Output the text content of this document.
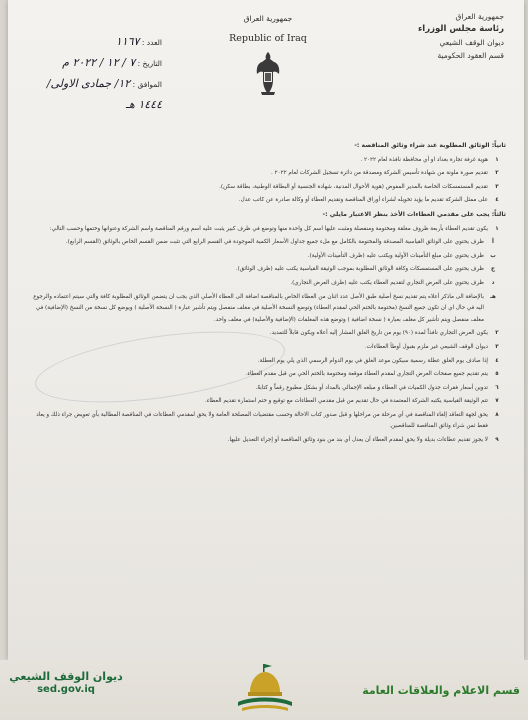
جمهورية العراق
رئاسة مجلس الوزراء
ديوان الوقف الشيعي
قسم العقود الحكومية
جمهورية العراق
Republic of Iraq
العدد : ١١٦٧
التاريخ : ٧ / ١٢ / ٢٠٢٢ م
الموافق : ١٢/ جمادى الاولى/ ١٤٤٤ هـ
ثانياً: الوثائق المطلوبة عند شراء وثائق المناقصة :-
١
هوية غرفة تجارة بغداد او أي محافظة نافذة لعام ٢٠٢٢ .
٢
تقديم صورة ملونة من شهادة تأسيس الشركة ومصدقة من دائرة تسجيل الشركات لعام ٢٠٢٢ .
٣
تقديم المستمسكات الخاصة بالمدير المفوض (هوية الأحوال المدنية، شهادة الجنسية أو البطاقة الوطنية، بطاقة سكن).
٤
على ممثل الشركة تقديم ما يؤيد تخويله لشراء أوراق المناقصة وتقديم العطاء أو وكالة صادرة عن كاتب عدل.
ثالثاً: يجب على مقدمي العطاءات الأخذ بنظر الاعتبار مايلي :-
١
يكون تقديم العطاء بأربعة ظروف مغلقة ومختومة ومنفصلة ومثبت عليها اسم كل واحدة منها وتوضع في ظرف كبير يثبت عليه اسم ورقم المناقصة واسم الشركة وعنوانها وختمها وحسب التالي:
أ
ظرف يحتوي على الوثائق القياسية المصدقة والمختومة بالكامل مع ملء جميع جداول الأسعار الكمية الموجودة في القسم الرابع التي تثبت ضمن القسم الخاص بالوثائق (القسم الرابع).
ب
ظرف يحتوي على مبلغ التأمينات الأولية ويكتب عليه (ظرف التأمينات الأولية).
ج
ظرف يحتوي على المستمسكات وكافة الوثائق المطلوبة بموجب الوثيقة القياسية يكتب عليه (ظرف الوثائق).
د
ظرف يحتوي على العرض التجاري لتقديم العطاء يكتب عليه (ظرف العرض التجاري).
هـ
بالإضافة الى ماذكر أعلاه يتم تقديم نسخ أصلية طبق الأصل عدد اثنان من العطاء الخاص بالمناقصة اضافة الى العطاء الأصلي الذي يجب ان يتضمن الوثائق المطلوبة كافة والتي سيتم اعتماده والرجوع اليه في حال اي ان تكون جميع النسخ (مختومة بالختم الحي لمقدم العطاء) وتوضع النسخة الأصلية في مغلف منفصل ويتم تأشير عبارة ( النسخة الأصلية ) ويوضع كل نسخة من النسخ (الإضافية) في مغلف منفصل ويتم تأشير كل مغلف بعبارة ( نسخة اضافية ) وتوضع هذه المغلفات (الإضافية والأصلية) في مغلف واحد.
٢
يكون العرض التجاري نافذاً لمدة (٩٠) يوم من تاريخ الغلق المشار إليه أعلاه ويكون قابلاً للتمديد.
٣
ديوان الوقف الشيعي غير ملزم بقبول أوطأ العطاءات.
٤
إذا صادف يوم الغلق عطلة رسمية سيكون موعد الغلق في يوم الدوام الرسمي الذي يلي يوم العطلة.
٥
يتم تقديم جميع صفحات العرض التجاري لمقدم العطاء موقعة ومختومة بالختم الحي من قبل مقدم العطاء.
٦
تدوين أسعار فقرات جدول الكميات في العطاء و مبلغه الإجمالي بالمداد أو بشكل مطبوع رقماً و كتابةً.
٧
تتم الوثيقة القياسية يكتبه الشركة المعتمدة في حال تقديم من قبل مقدمي العطاءات مع توقيع و ختم استمارة تقديم العطاء.
٨
يحق لجهة التعاقد إلغاء المناقصة في أي مرحلة من مراحلها و قبل صدور كتاب الاحالة وحسب مقتضيات المصلحة العامة ولا يحق لمقدمي العطاءات في المناقصة المطالبة بأي تعويض جراء ذلك و يعاد فقط ثمن شراء وثائق المناقصة للمناقصين.
٩
لا يجوز تقديم عطاءات بديلة ولا يحق لمقدم العطاء أن يعدل أي بند من بنود وثائق المناقصة أو إجراء التعديل عليها.
ديوان الوقف الشيعي
sed.gov.iq	قسم الاعلام والعلاقات العامة
